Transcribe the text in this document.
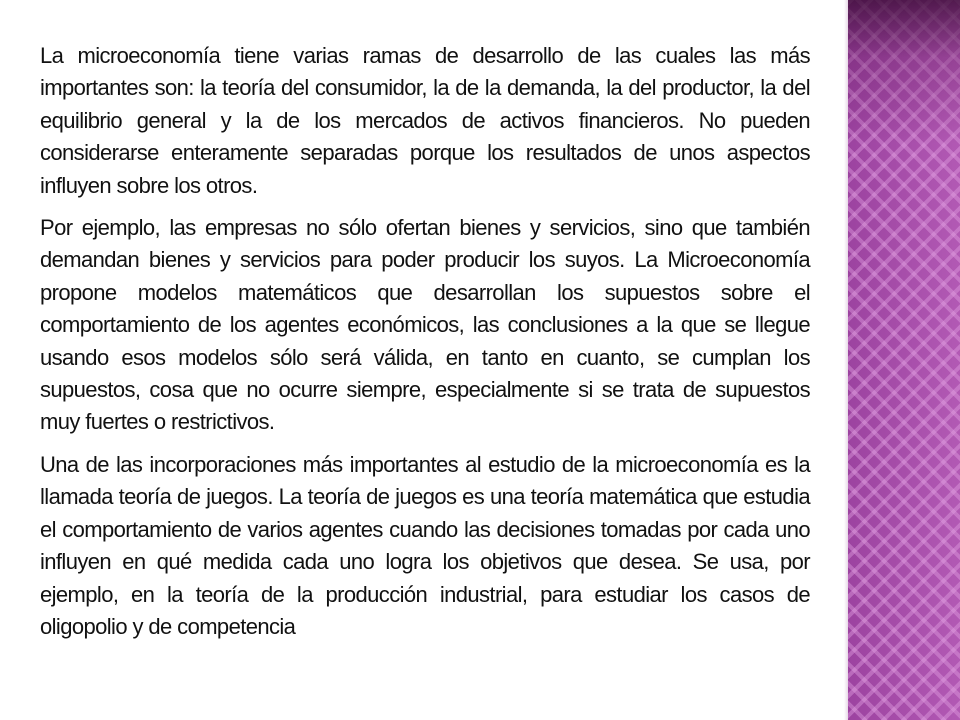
La microeconomía tiene varias ramas de desarrollo de las cuales las más importantes son: la teoría del consumidor, la de la demanda, la del productor, la del equilibrio general y la de los mercados de activos financieros. No pueden considerarse enteramente separadas porque los resultados de unos aspectos influyen sobre los otros.

Por ejemplo, las empresas no sólo ofertan bienes y servicios, sino que también demandan bienes y servicios para poder producir los suyos. La Microeconomía propone modelos matemáticos que desarrollan los supuestos sobre el comportamiento de los agentes económicos, las conclusiones a la que se llegue usando esos modelos sólo será válida, en tanto en cuanto, se cumplan los supuestos, cosa que no ocurre siempre, especialmente si se trata de supuestos muy fuertes o restrictivos.

Una de las incorporaciones más importantes al estudio de la microeconomía es la llamada teoría de juegos. La teoría de juegos es una teoría matemática que estudia el comportamiento de varios agentes cuando las decisiones tomadas por cada uno influyen en qué medida cada uno logra los objetivos que desea. Se usa, por ejemplo, en la teoría de la producción industrial, para estudiar los casos de oligopolio y de competencia
